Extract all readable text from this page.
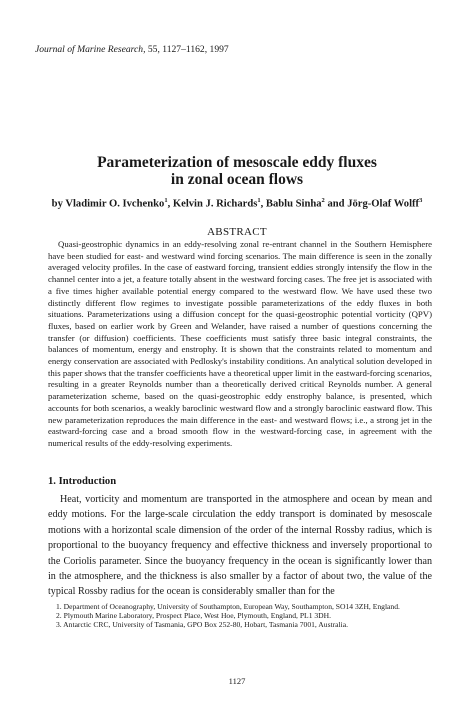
Journal of Marine Research, 55, 1127–1162, 1997
Parameterization of mesoscale eddy fluxes
in zonal ocean flows
by Vladimir O. Ivchenko$^1$, Kelvin J. Richards$^1$, Bablu Sinha$^2$ and Jörg-Olaf Wolff$^3$
ABSTRACT

Quasi-geostrophic dynamics in an eddy-resolving zonal re-entrant channel in the Southern Hemisphere have been studied for east- and westward wind forcing scenarios. The main difference is seen in the zonally averaged velocity profiles. In the case of eastward forcing, transient eddies strongly intensify the flow in the channel center into a jet, a feature totally absent in the westward forcing cases. The free jet is associated with a five times higher available potential energy compared to the westward flow. We have used these two distinctly different flow regimes to investigate possible parameterizations of the eddy fluxes in both situations. Parameterizations using a diffusion concept for the quasi-geostrophic potential vorticity (QPV) fluxes, based on earlier work by Green and Welander, have raised a number of questions concerning the transfer (or diffusion) coefficients. These coefficients must satisfy three basic integral constraints, the balances of momentum, energy and enstrophy. It is shown that the constraints related to momentum and energy conservation are associated with Pedlosky's instability conditions. An analytical solution developed in this paper shows that the transfer coefficients have a theoretical upper limit in the eastward-forcing scenarios, resulting in a greater Reynolds number than a theoretically derived critical Reynolds number. A general parameterization scheme, based on the quasi-geostrophic eddy enstrophy balance, is presented, which accounts for both scenarios, a weakly baroclinic westward flow and a strongly baroclinic eastward flow. This new parameterization reproduces the main difference in the east- and westward flows; i.e., a strong jet in the eastward-forcing case and a broad smooth flow in the westward-forcing case, in agreement with the numerical results of the eddy-resolving experiments.

1. Introduction

Heat, vorticity and momentum are transported in the atmosphere and ocean by mean and eddy motions. For the large-scale circulation the eddy transport is dominated by mesoscale motions with a horizontal scale dimension of the order of the internal Rossby radius, which is proportional to the buoyancy frequency and effective thickness and inversely proportional to the Coriolis parameter. Since the buoyancy frequency in the ocean is significantly lower than in the atmosphere, and the thickness is also smaller by a factor of about two, the value of the typical Rossby radius for the ocean is considerably smaller than for the

1. Department of Oceanography, University of Southampton, European Way, Southampton, SO14 3ZH, England.

2. Plymouth Marine Laboratory, Prospect Place, West Hoe, Plymouth, England, PL1 3DH.

3. Antarctic CRC, University of Tasmania, GPO Box 252-80, Hobart, Tasmania 7001, Australia.

1127
